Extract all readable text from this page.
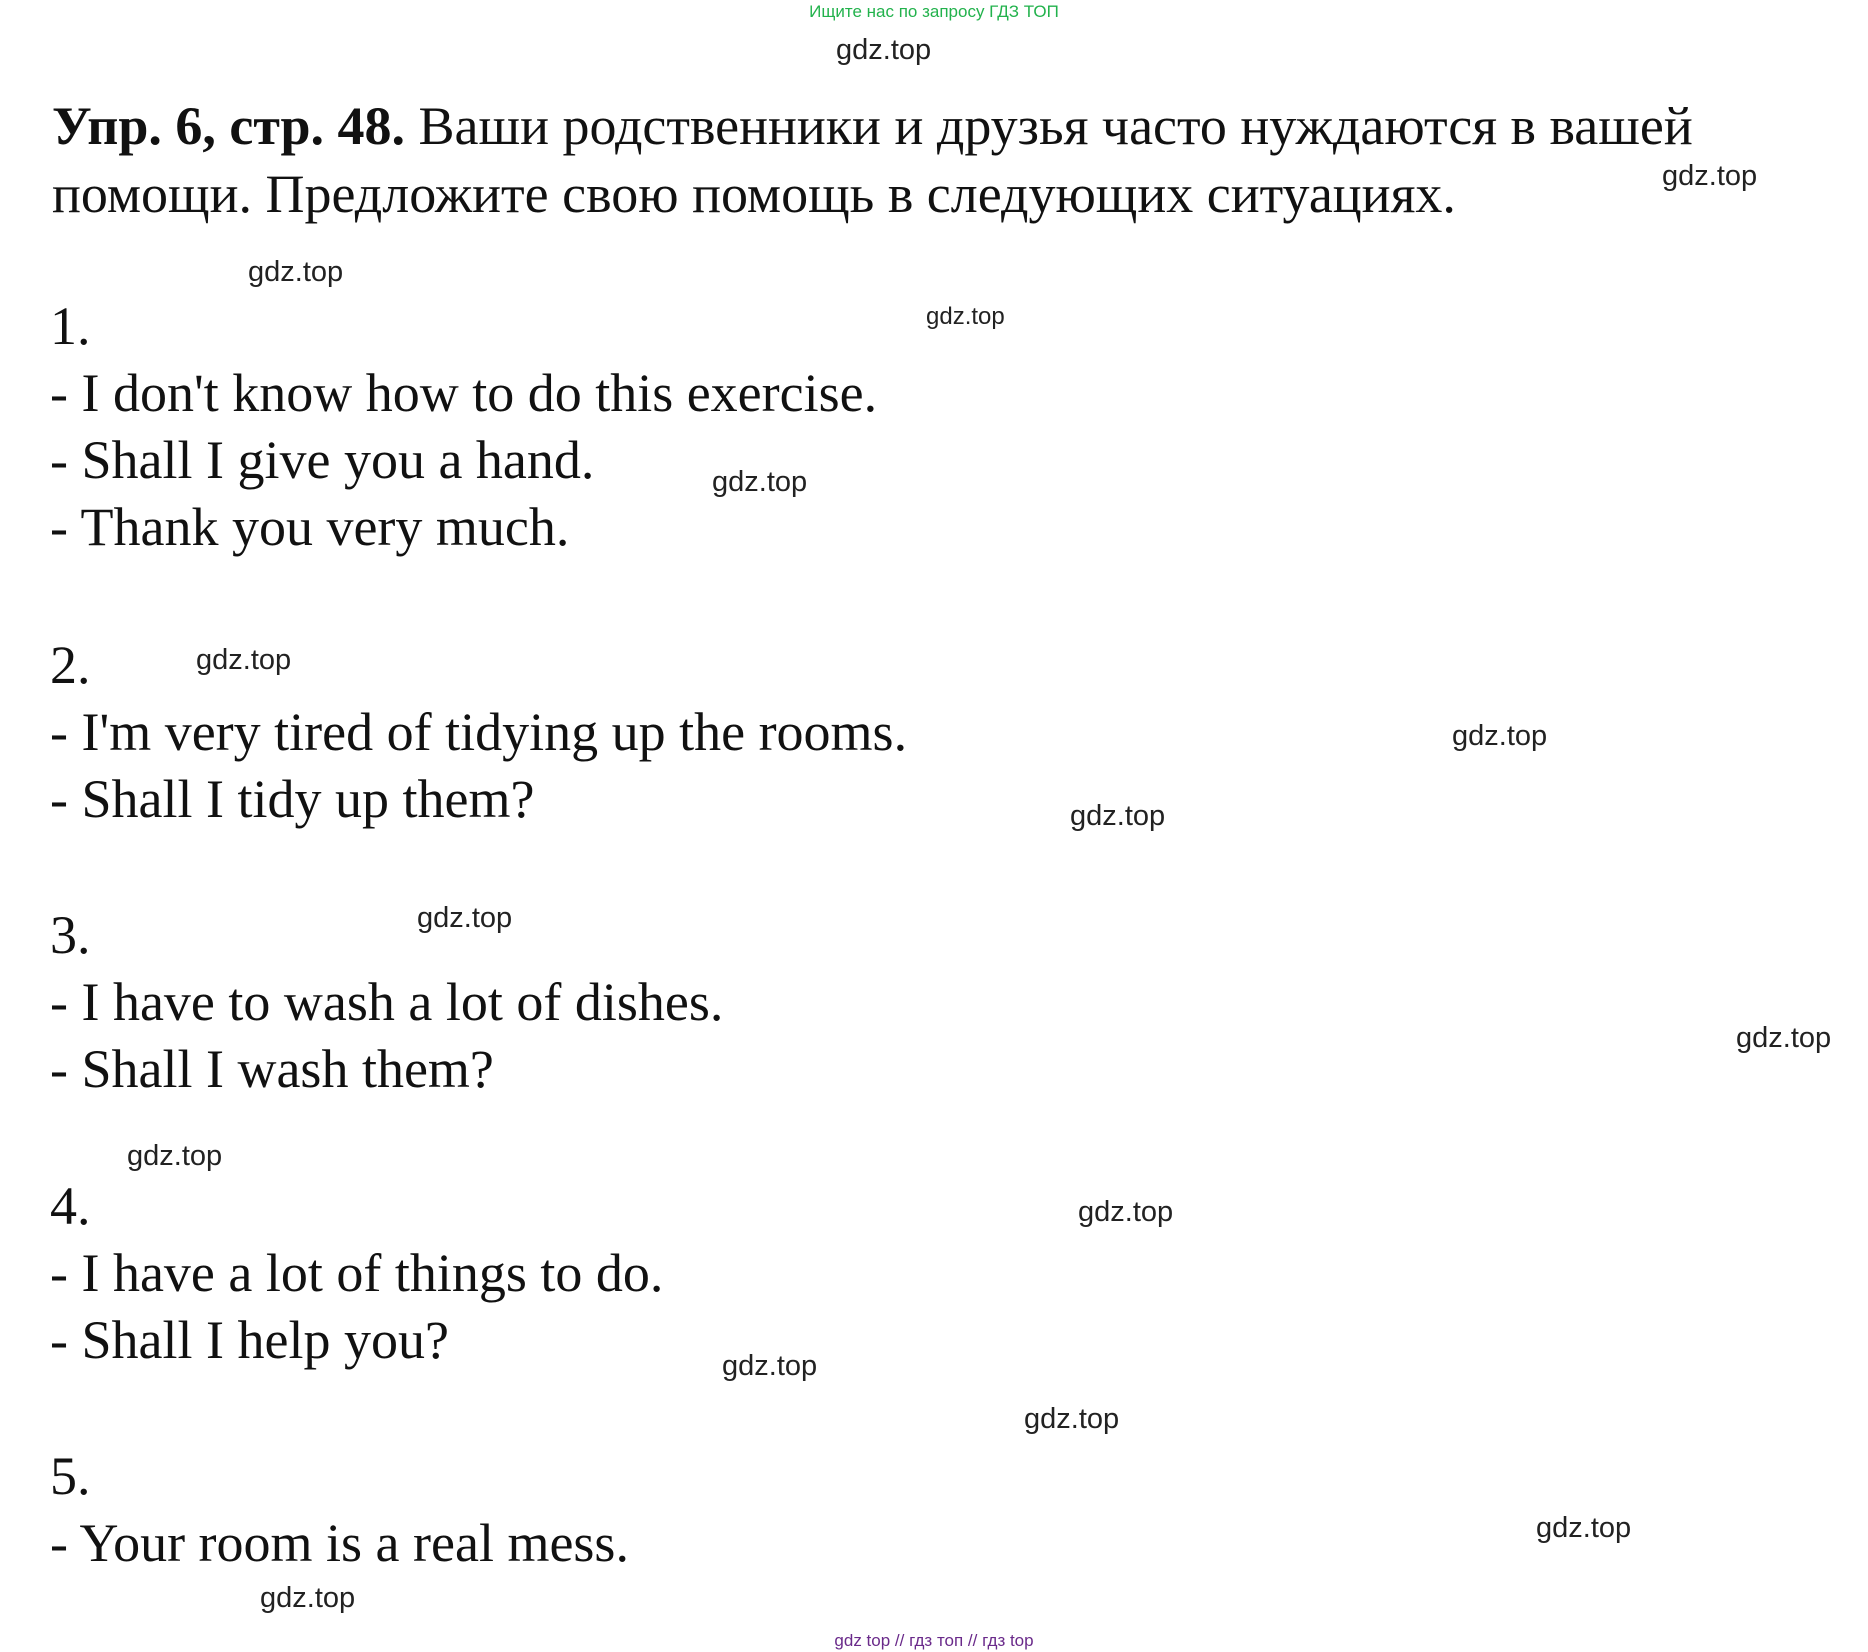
Ищите нас по запросу ГДЗ ТОП
gdz.top
Упр. 6, стр. 48. Ваши родственники и друзья часто нуждаются в вашей помощи. Предложите свою помощь в следующих ситуациях.	gdz.top
gdz.top
gdz.top
1.
- I don't know how to do this exercise.
- Shall I give you a hand.
- Thank you very much.
gdz.top
2.	gdz.top
- I'm very tired of tidying up the rooms.	gdz.top
- Shall I tidy up them?	gdz.top
gdz.top
3.
- I have to wash a lot of dishes.
gdz.top
- Shall I wash them?
gdz.top
4.	gdz.top
- I have a lot of things to do.
- Shall I help you?	gdz.top
gdz.top
5.
gdz.top
- Your room is a real mess.
gdz.top
gdz top // гдз топ // гдз top
